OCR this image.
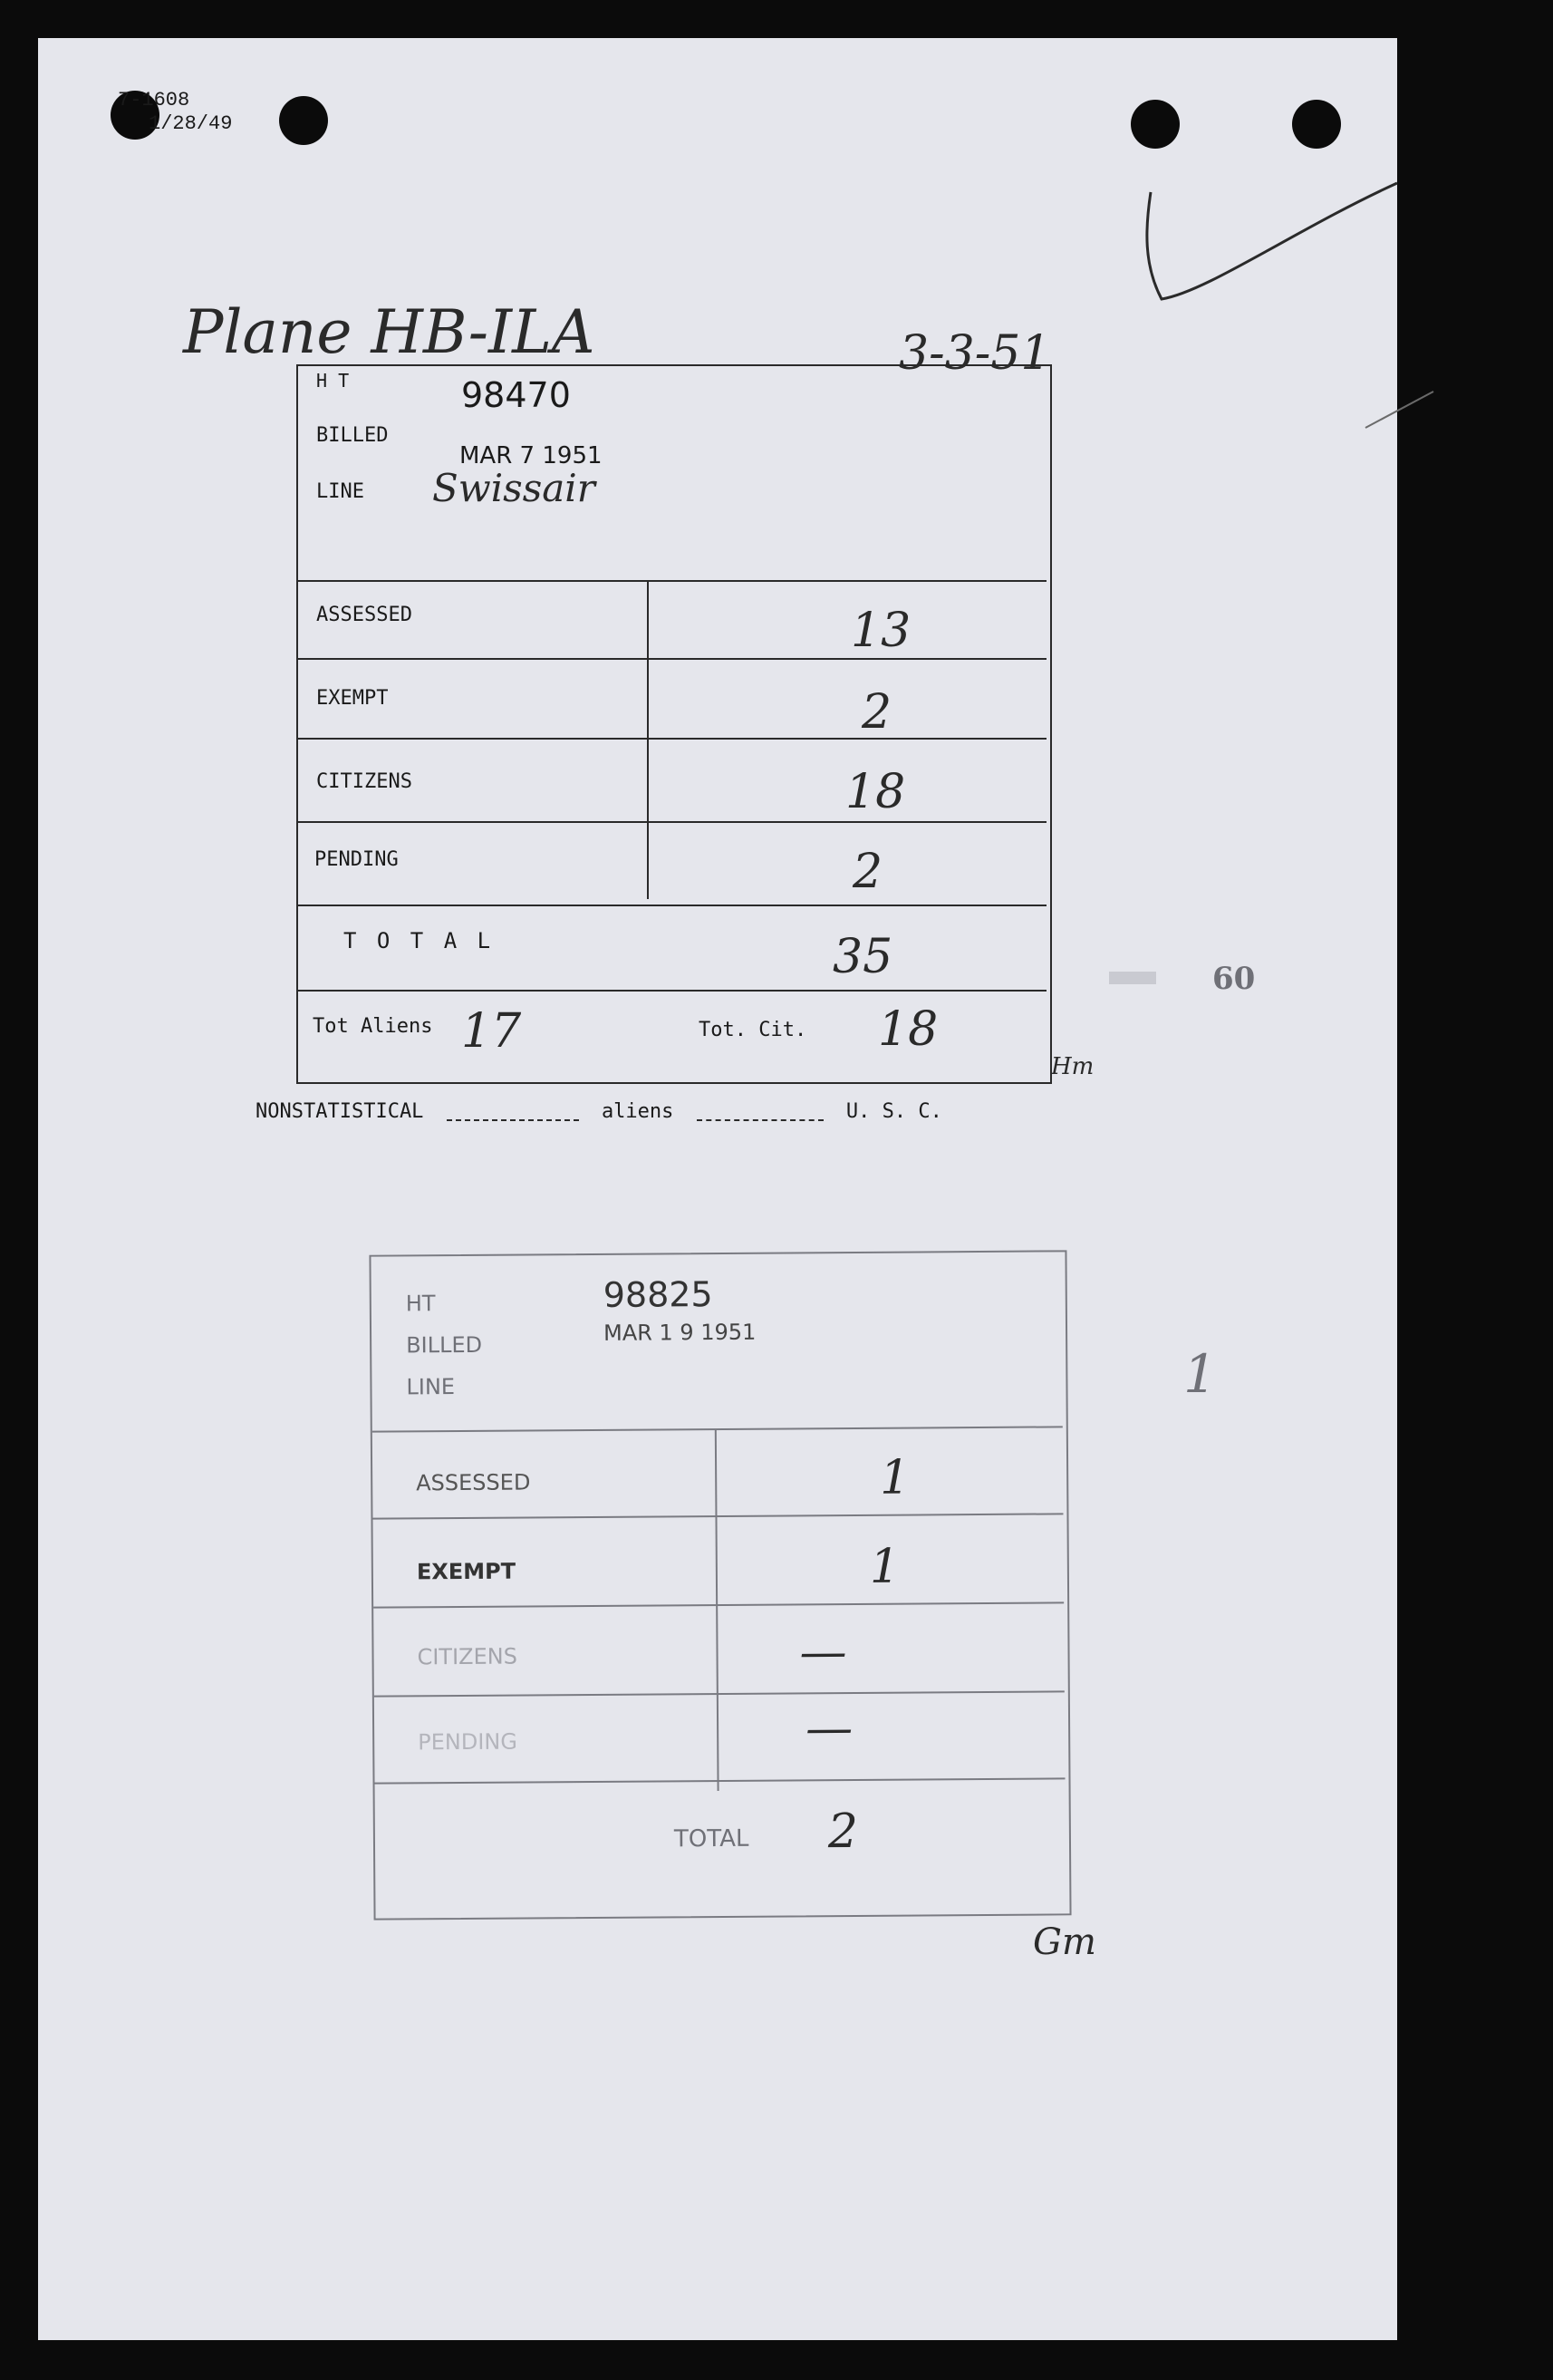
7-1608
1/28/49
Plane HB-ILA	3-3-51
H T	98470
BILLED
MAR 7 1951
LINE Swissair
ASSESSED	13
EXEMPT	2
CITIZENS	18
PENDING	2
T O T A L	35
Tot Aliens 17	Tot. Cit. 18
Hm
60
NONSTATISTICAL	aliens	U. S. C.
HT	98825
BILLED	MAR 1 9 1951
LINE
ASSESSED	1
EXEMPT	1
CITIZENS	—
PENDING	—
TOTAL 2
Gm
1
